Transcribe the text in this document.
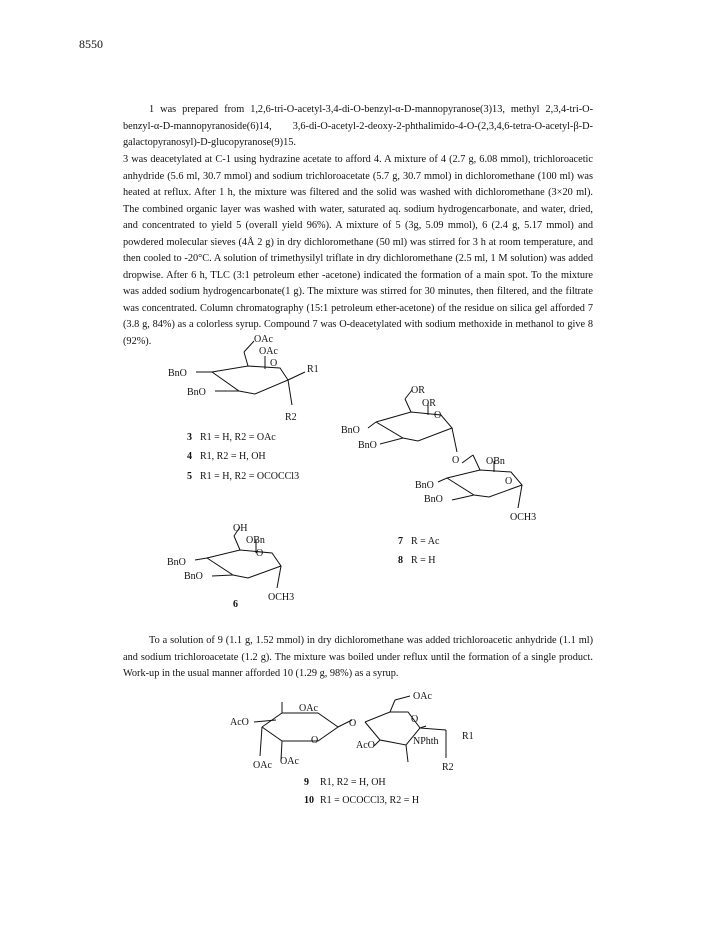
8550

1 was prepared from 1,2,6-tri-O-acetyl-3,4-di-O-benzyl-α-D-mannopyranose(3)13, methyl 2,3,4-tri-O-benzyl-α-D-mannopyranoside(6)14, 3,6-di-O-acetyl-2-deoxy-2-phthalimido-4-O-(2,3,4,6-tetra-O-acetyl-β-D-galactopyranosyl)-D-glucopyranose(9)15.

3 was deacetylated at C-1 using hydrazine acetate to afford 4. A mixture of 4 (2.7 g, 6.08 mmol), trichloroacetic anhydride (5.6 ml, 30.7 mmol) and sodium trichloroacetate (5.7 g, 30.7 mmol) in dichloromethane (100 ml) was heated at reflux. After 1 h, the mixture was filtered and the solid was washed with dichloromethane (3×20 ml). The combined organic layer was washed with water, saturated aq. sodium hydrogencarbonate, and water, dried, and concentrated to yield 5 (overall yield 96%). A mixture of 5 (3g, 5.09 mmol), 6 (2.4 g, 5.17 mmol) and powdered molecular sieves (4Å 2 g) in dry dichloromethane (50 ml) was stirred for 3 h at room temperature, and then cooled to -20°C. A solution of trimethysilyl triflate in dry dichloromethane (2.5 ml, 1 M solution) was added dropwise. After 6 h, TLC (3:1 petroleum ether -acetone) indicated the formation of a main spot. To the mixture was added sodium hydrogencarbonate(1 g). The mixture was stirred for 30 minutes, then filtered, and the filtrate was concentrated. Column chromatography (15:1 petroleum ether-acetone) of the residue on silica gel afforded 7 (3.8 g, 84%) as a colorless syrup. Compound 7 was O-deacetylated with sodium methoxide in methanol to give 8 (92%).

To a solution of 9 (1.1 g, 1.52 mmol) in dry dichloromethane was added trichloroacetic anhydride (1.1 ml) and sodium trichloroacetate (1.2 g). The mixture was boiled under reflux until the formation of a single product. Work-up in the usual manner afforded 10 (1.29 g, 98%) as a syrup.

OAc
OAc
O
BnO
BnO
R1
R2
3 R1 = H, R2 = OAc
4 R1, R2 = H, OH
5 R1 = H, R2 = OCOCCl3
OH
OBn
O
BnO
BnO
OCH3
6
OR
OR
O
BnO
BnO
O	OBn
O
BnO
BnO
OCH3
7 R = Ac
8 R = H
OAc
AcO
O
OAc
OAc
O
OAc
AcO
O
NPhth R1
R2
9 R1, R2 = H, OH
10 R1 = OCOCCl3, R2 = H
